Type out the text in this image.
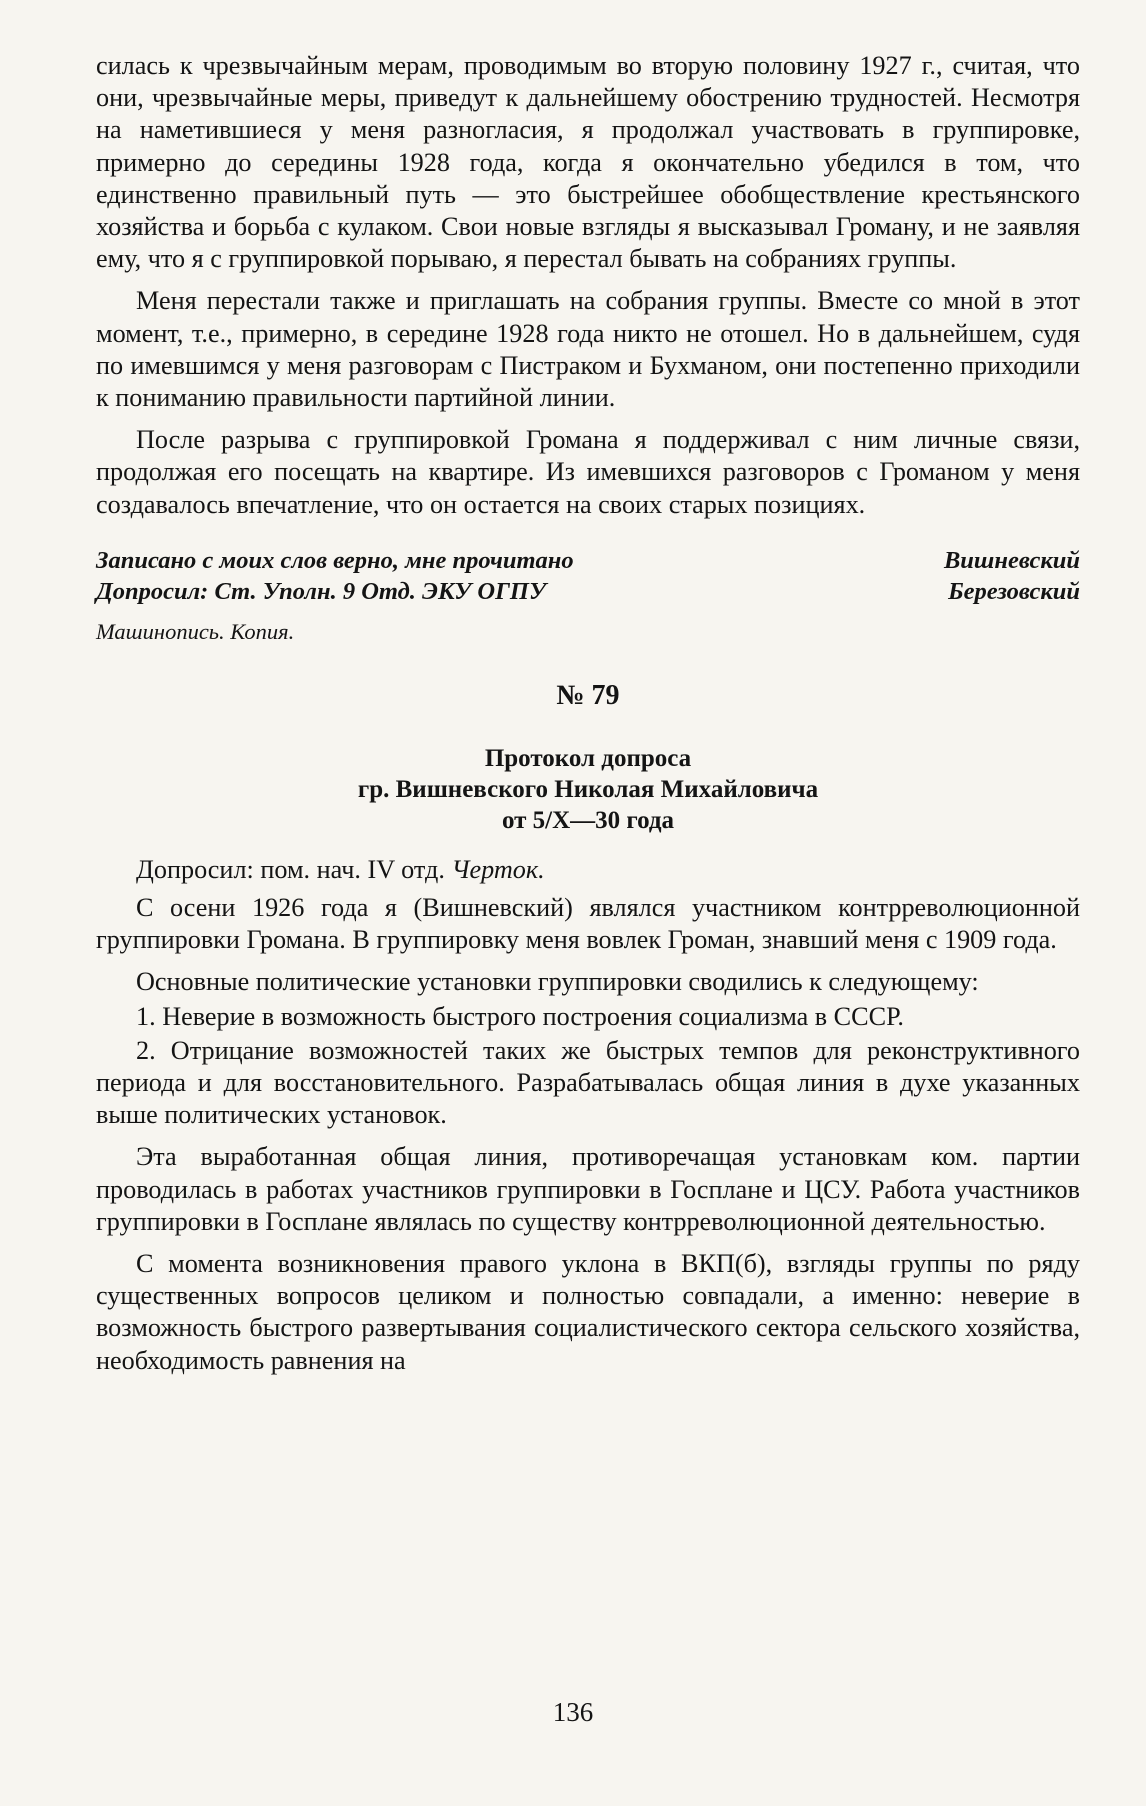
силась к чрезвычайным мерам, проводимым во вторую половину 1927 г., считая, что они, чрезвычайные меры, приведут к дальнейшему обострению трудностей. Несмотря на наметившиеся у меня разногласия, я продолжал участвовать в группировке, примерно до середины 1928 года, когда я окончательно убедился в том, что единственно правильный путь — это быстрейшее обобществление крестьянского хозяйства и борьба с кулаком. Свои новые взгляды я высказывал Громану, и не заявляя ему, что я с группировкой порываю, я перестал бывать на собраниях группы.

Меня перестали также и приглашать на собрания группы. Вместе со мной в этот момент, т.е., примерно, в середине 1928 года никто не отошел. Но в дальнейшем, судя по имевшимся у меня разговорам с Пистраком и Бухманом, они постепенно приходили к пониманию правильности партийной линии.

После разрыва с группировкой Громана я поддерживал с ним личные связи, продолжая его посещать на квартире. Из имевшихся разговоров с Громаном у меня создавалось впечатление, что он остается на своих старых позициях.

Записано с моих слов верно, мне прочитано	Вишневский
Допросил: Ст. Уполн. 9 Отд. ЭКУ ОГПУ	Березовский
Машинопись. Копия.
№ 79
Протокол допроса
гр. Вишневского Николая Михайловича
от 5/X—30 года

Допросил: пом. нач. IV отд. Черток.

С осени 1926 года я (Вишневский) являлся участником контрреволюционной группировки Громана. В группировку меня вовлек Громан, знавший меня с 1909 года.

Основные политические установки группировки сводились к следующему:

1. Неверие в возможность быстрого построения социализма в СССР.

2. Отрицание возможностей таких же быстрых темпов для реконструктивного периода и для восстановительного. Разрабатывалась общая линия в духе указанных выше политических установок.

Эта выработанная общая линия, противоречащая установкам ком. партии проводилась в работах участников группировки в Госплане и ЦСУ. Работа участников группировки в Госплане являлась по существу контрреволюционной деятельностью.

С момента возникновения правого уклона в ВКП(б), взгляды группы по ряду существенных вопросов целиком и полностью совпадали, а именно: неверие в возможность быстрого развертывания социалистического сектора сельского хозяйства, необходимость равнения на

136
